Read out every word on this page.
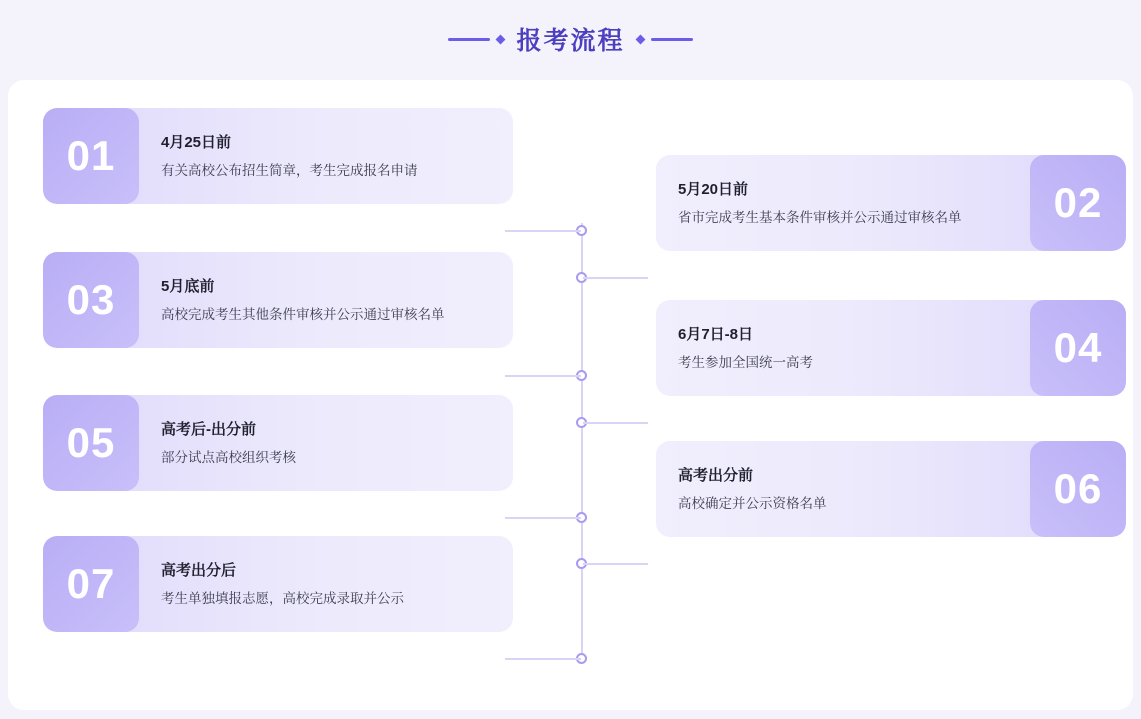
报考流程
01	4月25日前
有关高校公布招生简章，考生完成报名申请
02
5月20日前
省市完成考生基本条件审核并公示通过审核名单
03	5月底前
高校完成考生其他条件审核并公示通过审核名单
04
6月7日-8日
考生参加全国统一高考
05	高考后-出分前
部分试点高校组织考核
06
高考出分前
高校确定并公示资格名单
07	高考出分后
考生单独填报志愿，高校完成录取并公示
